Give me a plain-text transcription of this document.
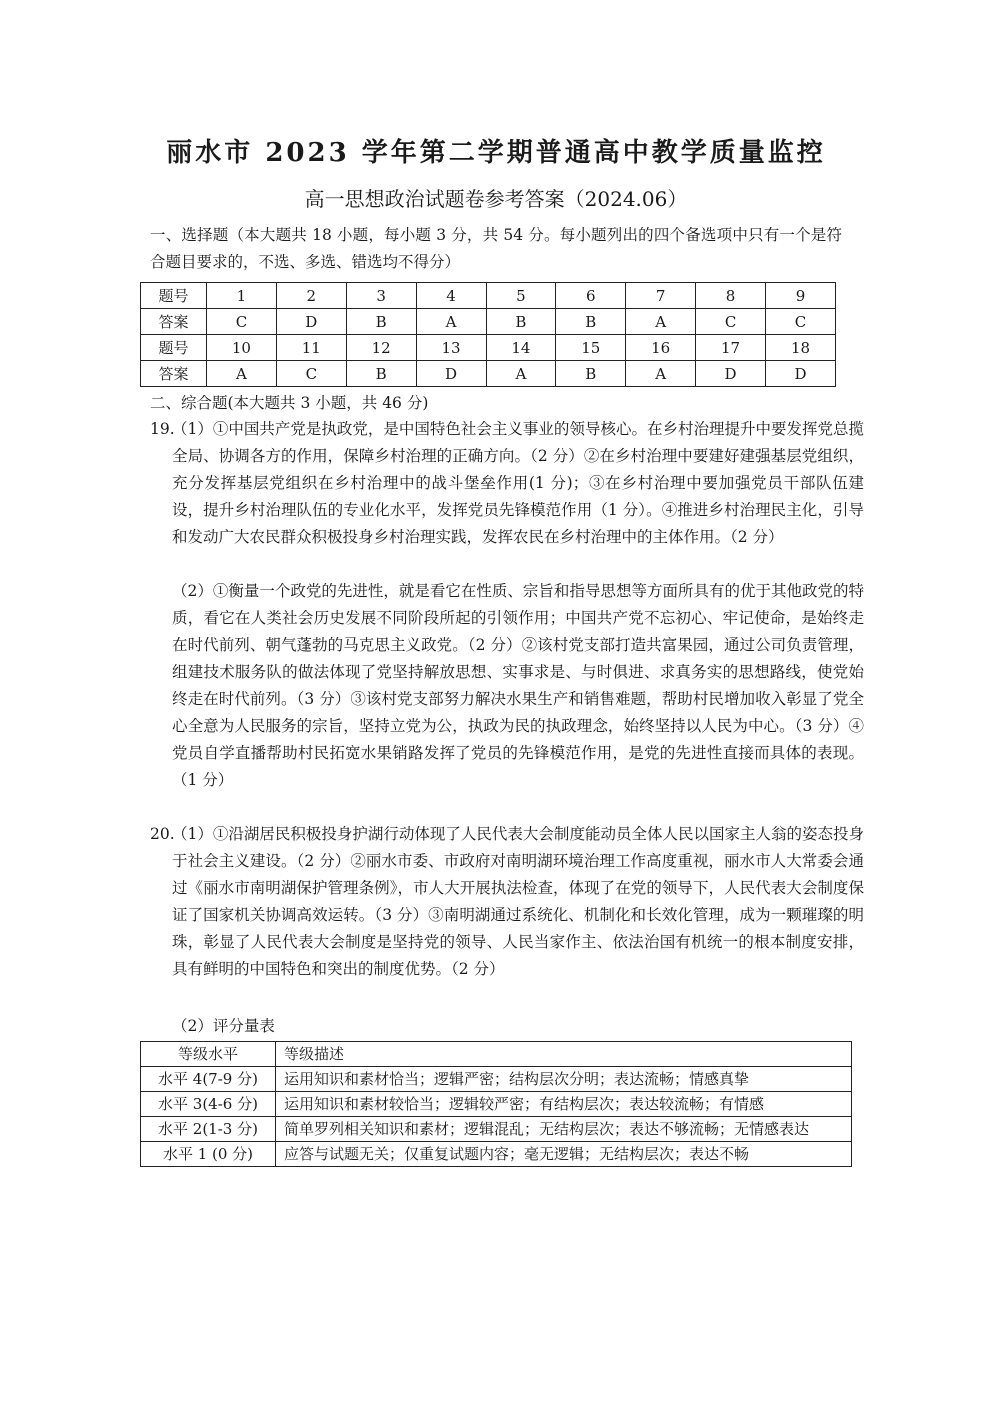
丽水市 2023 学年第二学期普通高中教学质量监控
高一思想政治试题卷参考答案（2024.06）
一、选择题（本大题共 18 小题，每小题 3 分，共 54 分。每小题列出的四个备选项中只有一个是符合题目要求的，不选、多选、错选均不得分）
题号	1	2	3	4	5	6	7	8	9
答案	C	D	B	A	B	B	A	C	C
题号	10	11	12	13	14	15	16	17	18
答案	A	C	B	D	A	B	A	D	D
二、综合题(本大题共 3 小题，共 46 分)
19.（1）①中国共产党是执政党，是中国特色社会主义事业的领导核心。在乡村治理提升中要发挥党总揽全局、协调各方的作用，保障乡村治理的正确方向。（2 分）②在乡村治理中要建好建强基层党组织，充分发挥基层党组织在乡村治理中的战斗堡垒作用(1 分)；③在乡村治理中要加强党员干部队伍建设，提升乡村治理队伍的专业化水平，发挥党员先锋模范作用（1 分）。④推进乡村治理民主化，引导和发动广大农民群众积极投身乡村治理实践，发挥农民在乡村治理中的主体作用。（2 分）
（2）①衡量一个政党的先进性，就是看它在性质、宗旨和指导思想等方面所具有的优于其他政党的特质，看它在人类社会历史发展不同阶段所起的引领作用；中国共产党不忘初心、牢记使命，是始终走在时代前列、朝气蓬勃的马克思主义政党。（2 分）②该村党支部打造共富果园，通过公司负责管理，组建技术服务队的做法体现了党坚持解放思想、实事求是、与时俱进、求真务实的思想路线，使党始终走在时代前列。（3 分）③该村党支部努力解决水果生产和销售难题，帮助村民增加收入彰显了党全心全意为人民服务的宗旨，坚持立党为公，执政为民的执政理念，始终坚持以人民为中心。（3 分）④党员自学直播帮助村民拓宽水果销路发挥了党员的先锋模范作用，是党的先进性直接而具体的表现。（1 分）
20.（1）①沿湖居民积极投身护湖行动体现了人民代表大会制度能动员全体人民以国家主人翁的姿态投身于社会主义建设。（2 分）②丽水市委、市政府对南明湖环境治理工作高度重视，丽水市人大常委会通过《丽水市南明湖保护管理条例》，市人大开展执法检查，体现了在党的领导下，人民代表大会制度保证了国家机关协调高效运转。（3 分）③南明湖通过系统化、机制化和长效化管理，成为一颗璀璨的明珠，彰显了人民代表大会制度是坚持党的领导、人民当家作主、依法治国有机统一的根本制度安排，具有鲜明的中国特色和突出的制度优势。（2 分）
（2）评分量表
等级水平	等级描述
水平 4(7-9 分)	运用知识和素材恰当；逻辑严密；结构层次分明；表达流畅；情感真挚
水平 3(4-6 分)	运用知识和素材较恰当；逻辑较严密；有结构层次；表达较流畅；有情感
水平 2(1-3 分)	简单罗列相关知识和素材；逻辑混乱；无结构层次；表达不够流畅；无情感表达
水平 1 (0 分)	应答与试题无关；仅重复试题内容；毫无逻辑；无结构层次；表达不畅
